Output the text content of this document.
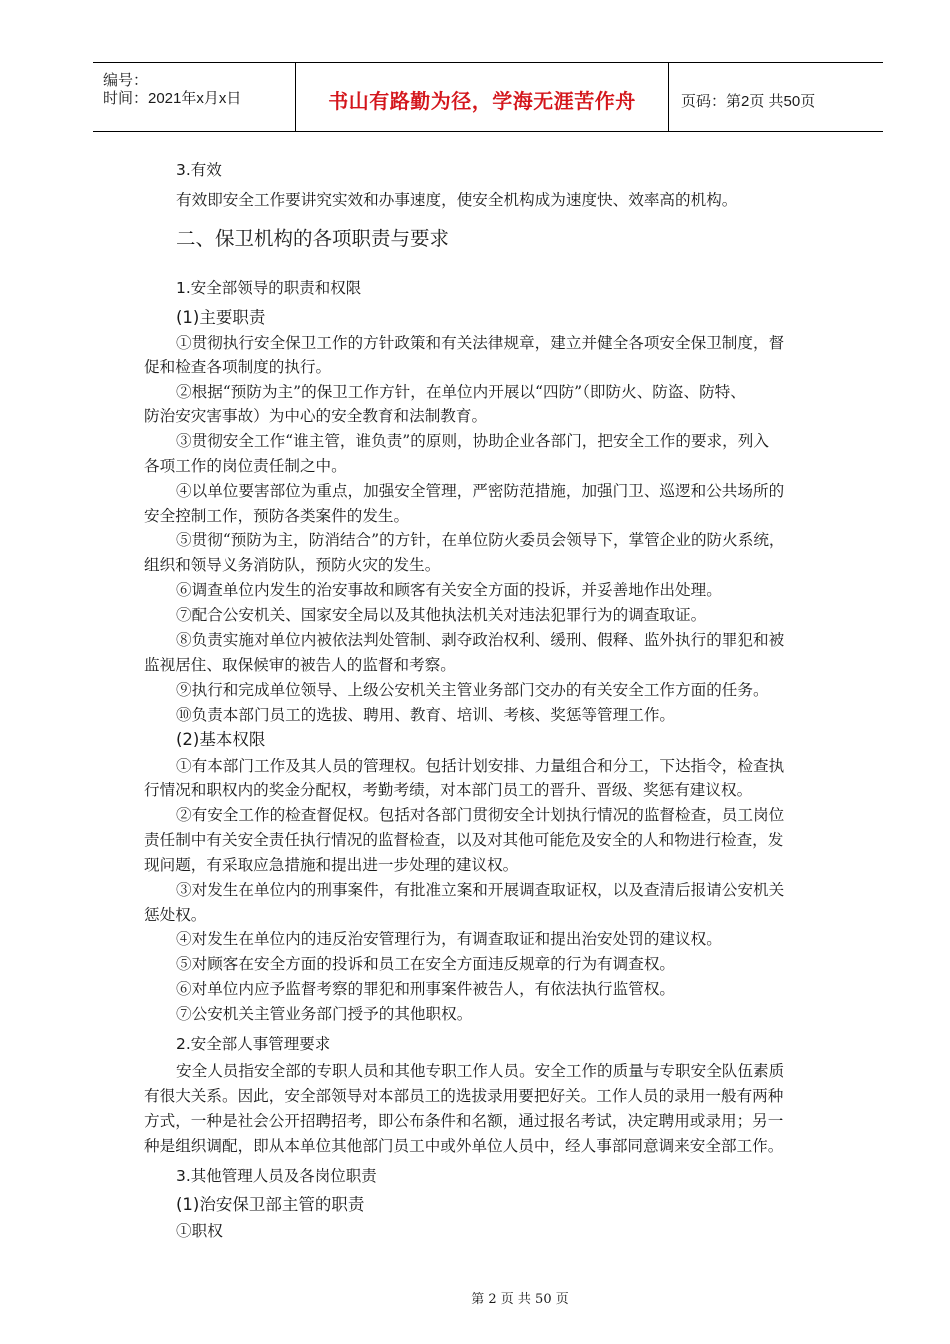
编号：
时间：2021年x月x日	书山有路勤为径，学海无涯苦作舟	页码：第2页 共50页
3.有效
有效即安全工作要讲究实效和办事速度，使安全机构成为速度快、效率高的机构。
二、保卫机构的各项职责与要求
1.安全部领导的职责和权限
(1)主要职责
①贯彻执行安全保卫工作的方针政策和有关法律规章，建立并健全各项安全保卫制度，督
促和检查各项制度的执行。
②根据“预防为主”的保卫工作方针，在单位内开展以“四防”（即防火、防盗、防特、
防治安灾害事故）为中心的安全教育和法制教育。
③贯彻安全工作“谁主管，谁负责”的原则，协助企业各部门，把安全工作的要求，列入
各项工作的岗位责任制之中。
④以单位要害部位为重点，加强安全管理，严密防范措施，加强门卫、巡逻和公共场所的
安全控制工作，预防各类案件的发生。
⑤贯彻“预防为主，防消结合”的方针，在单位防火委员会领导下，掌管企业的防火系统，
组织和领导义务消防队，预防火灾的发生。
⑥调查单位内发生的治安事故和顾客有关安全方面的投诉，并妥善地作出处理。
⑦配合公安机关、国家安全局以及其他执法机关对违法犯罪行为的调查取证。
⑧负责实施对单位内被依法判处管制、剥夺政治权利、缓刑、假释、监外执行的罪犯和被
监视居住、取保候审的被告人的监督和考察。
⑨执行和完成单位领导、上级公安机关主管业务部门交办的有关安全工作方面的任务。
⑩负责本部门员工的选拔、聘用、教育、培训、考核、奖惩等管理工作。
(2)基本权限
①有本部门工作及其人员的管理权。包括计划安排、力量组合和分工，下达指令，检查执
行情况和职权内的奖金分配权，考勤考绩，对本部门员工的晋升、晋级、奖惩有建议权。
②有安全工作的检查督促权。包括对各部门贯彻安全计划执行情况的监督检查，员工岗位
责任制中有关安全责任执行情况的监督检查，以及对其他可能危及安全的人和物进行检查，发
现问题，有采取应急措施和提出进一步处理的建议权。
③对发生在单位内的刑事案件，有批准立案和开展调查取证权，以及查清后报请公安机关
惩处权。
④对发生在单位内的违反治安管理行为，有调查取证和提出治安处罚的建议权。
⑤对顾客在安全方面的投诉和员工在安全方面违反规章的行为有调查权。
⑥对单位内应予监督考察的罪犯和刑事案件被告人，有依法执行监管权。
⑦公安机关主管业务部门授予的其他职权。
2.安全部人事管理要求
安全人员指安全部的专职人员和其他专职工作人员。安全工作的质量与专职安全队伍素质
有很大关系。因此，安全部领导对本部员工的选拔录用要把好关。工作人员的录用一般有两种
方式，一种是社会公开招聘招考，即公布条件和名额，通过报名考试，决定聘用或录用；另一
种是组织调配，即从本单位其他部门员工中或外单位人员中，经人事部同意调来安全部工作。
3.其他管理人员及各岗位职责
(1)治安保卫部主管的职责
①职权
第 2 页 共 50 页
